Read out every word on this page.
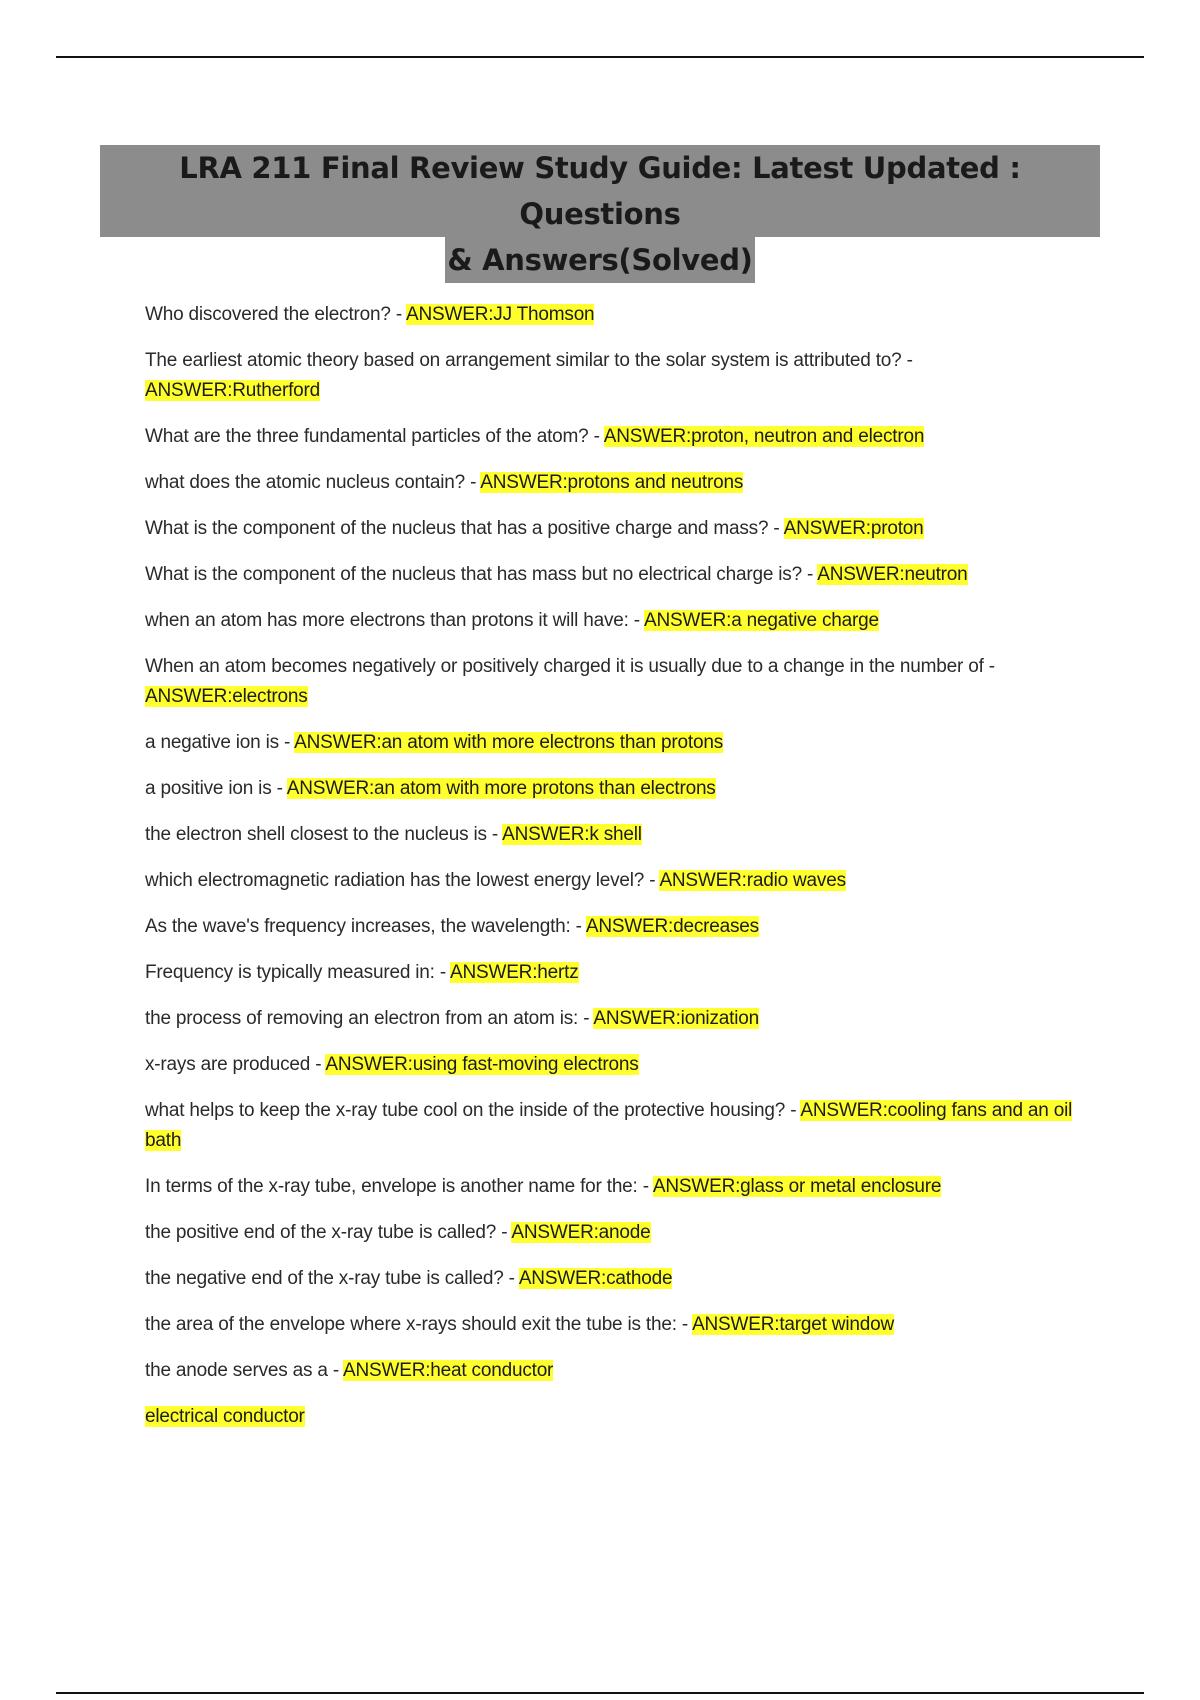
LRA 211 Final Review Study Guide: Latest Updated : Questions
& Answers(Solved)

Who discovered the electron? - ANSWER:JJ Thomson

The earliest atomic theory based on arrangement similar to the solar system is attributed to? - ANSWER:Rutherford

What are the three fundamental particles of the atom? - ANSWER:proton, neutron and electron

what does the atomic nucleus contain? - ANSWER:protons and neutrons

What is the component of the nucleus that has a positive charge and mass? - ANSWER:proton

What is the component of the nucleus that has mass but no electrical charge is? - ANSWER:neutron

when an atom has more electrons than protons it will have: - ANSWER:a negative charge

When an atom becomes negatively or positively charged it is usually due to a change in the number of - ANSWER:electrons

a negative ion is - ANSWER:an atom with more electrons than protons

a positive ion is - ANSWER:an atom with more protons than electrons

the electron shell closest to the nucleus is - ANSWER:k shell

which electromagnetic radiation has the lowest energy level? - ANSWER:radio waves

As the wave's frequency increases, the wavelength: - ANSWER:decreases

Frequency is typically measured in: - ANSWER:hertz

the process of removing an electron from an atom is: - ANSWER:ionization

x-rays are produced - ANSWER:using fast-moving electrons

what helps to keep the x-ray tube cool on the inside of the protective housing? - ANSWER:cooling fans and an oil bath

In terms of the x-ray tube, envelope is another name for the: - ANSWER:glass or metal enclosure

the positive end of the x-ray tube is called? - ANSWER:anode

the negative end of the x-ray tube is called? - ANSWER:cathode

the area of the envelope where x-rays should exit the tube is the: - ANSWER:target window

the anode serves as a - ANSWER:heat conductor

electrical conductor
